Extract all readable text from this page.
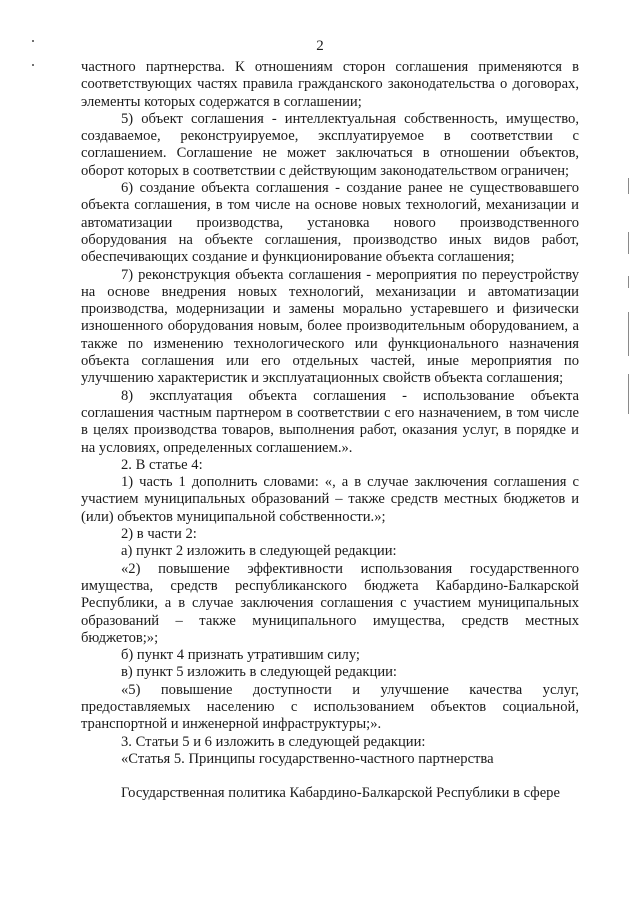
2

частного партнерства. К отношениям сторон соглашения применяются в соответствующих частях правила гражданского законодательства о договорах, элементы которых содержатся в соглашении;

5) объект соглашения - интеллектуальная собственность, имущество, создаваемое, реконструируемое, эксплуатируемое в соответствии с соглашением. Соглашение не может заключаться в отношении объектов, оборот которых в соответствии с действующим законодательством ограничен;

6) создание объекта соглашения - создание ранее не существовавшего объекта соглашения, в том числе на основе новых технологий, механизации и автоматизации производства, установка нового производственного оборудования на объекте соглашения, производство иных видов работ, обеспечивающих создание и функционирование объекта соглашения;

7) реконструкция объекта соглашения - мероприятия по переустройству на основе внедрения новых технологий, механизации и автоматизации производства, модернизации и замены морально устаревшего и физически изношенного оборудования новым, более производительным оборудованием, а также по изменению технологического или функционального назначения объекта соглашения или его отдельных частей, иные мероприятия по улучшению характеристик и эксплуатационных свойств объекта соглашения;

8) эксплуатация объекта соглашения - использование объекта соглашения частным партнером в соответствии с его назначением, в том числе в целях производства товаров, выполнения работ, оказания услуг, в порядке и на условиях, определенных соглашением.».

2. В статье 4:

1) часть 1 дополнить словами: «, а в случае заключения соглашения с участием муниципальных образований – также средств местных бюджетов и (или) объектов муниципальной собственности.»;

2) в части 2:

а) пункт 2 изложить в следующей редакции:

«2) повышение эффективности использования государственного имущества, средств республиканского бюджета Кабардино-Балкарской Республики, а в случае заключения соглашения с участием муниципальных образований – также муниципального имущества, средств местных бюджетов;»;

б) пункт 4 признать утратившим силу;

в) пункт 5 изложить в следующей редакции:

«5) повышение доступности и улучшение качества услуг, предоставляемых населению с использованием объектов социальной, транспортной и инженерной инфраструктуры;».

3. Статьи 5 и 6 изложить в следующей редакции:

«Статья 5. Принципы государственно-частного партнерства

Государственная политика Кабардино-Балкарской Республики в сфере
